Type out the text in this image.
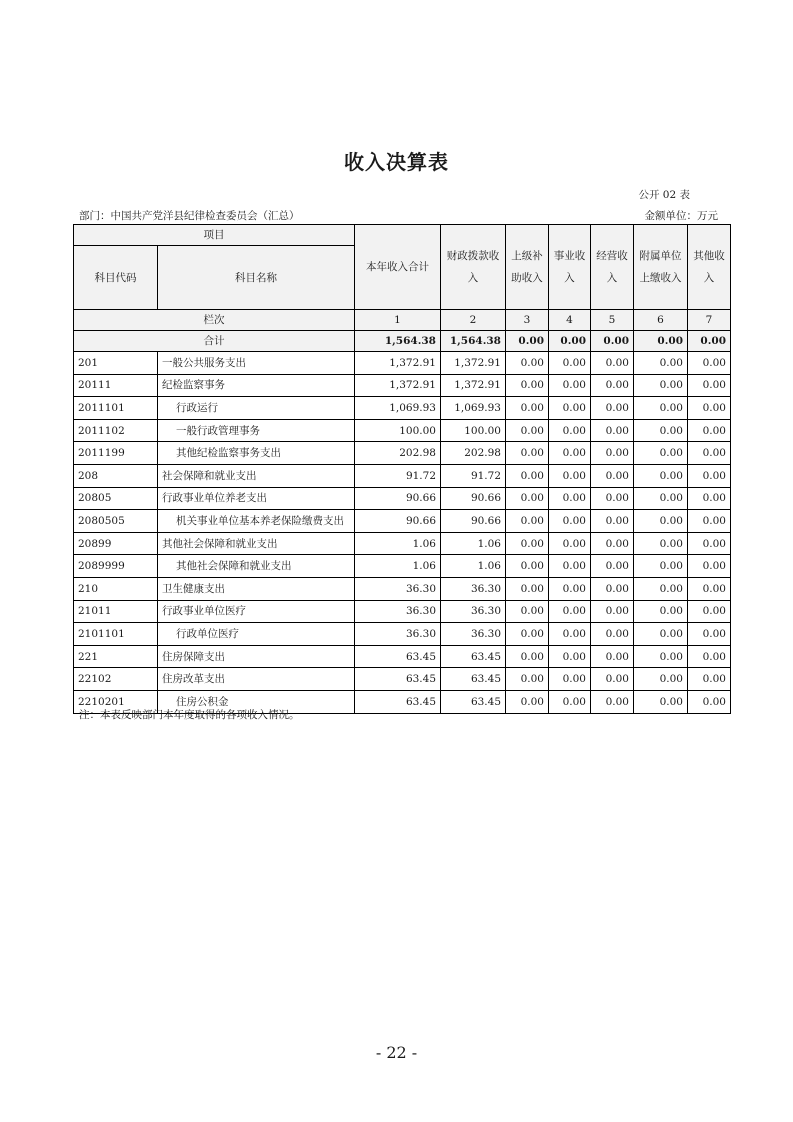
收入决算表
公开 02 表
部门：中国共产党洋县纪律检查委员会（汇总）	金额单位：万元
项目		本年收入合计	财政拨款收入	上级补助收入	事业收入	经营收入	附属单位上缴收入	其他收入
科目代码	科目名称							
栏次		1	2	3	4	5	6	7
合计		1,564.38	1,564.38	0.00	0.00	0.00	0.00	0.00
201	一般公共服务支出	1,372.91	1,372.91	0.00	0.00	0.00	0.00	0.00
20111	纪检监察事务	1,372.91	1,372.91	0.00	0.00	0.00	0.00	0.00
2011101	行政运行	1,069.93	1,069.93	0.00	0.00	0.00	0.00	0.00
2011102	一般行政管理事务	100.00	100.00	0.00	0.00	0.00	0.00	0.00
2011199	其他纪检监察事务支出	202.98	202.98	0.00	0.00	0.00	0.00	0.00
208	社会保障和就业支出	91.72	91.72	0.00	0.00	0.00	0.00	0.00
20805	行政事业单位养老支出	90.66	90.66	0.00	0.00	0.00	0.00	0.00
2080505	机关事业单位基本养老保险缴费支出	90.66	90.66	0.00	0.00	0.00	0.00	0.00
20899	其他社会保障和就业支出	1.06	1.06	0.00	0.00	0.00	0.00	0.00
2089999	其他社会保障和就业支出	1.06	1.06	0.00	0.00	0.00	0.00	0.00
210	卫生健康支出	36.30	36.30	0.00	0.00	0.00	0.00	0.00
21011	行政事业单位医疗	36.30	36.30	0.00	0.00	0.00	0.00	0.00
2101101	行政单位医疗	36.30	36.30	0.00	0.00	0.00	0.00	0.00
221	住房保障支出	63.45	63.45	0.00	0.00	0.00	0.00	0.00
22102	住房改革支出	63.45	63.45	0.00	0.00	0.00	0.00	0.00
2210201	住房公积金	63.45	63.45	0.00	0.00	0.00	0.00	0.00
注：本表反映部门本年度取得的各项收入情况。
- 22 -
